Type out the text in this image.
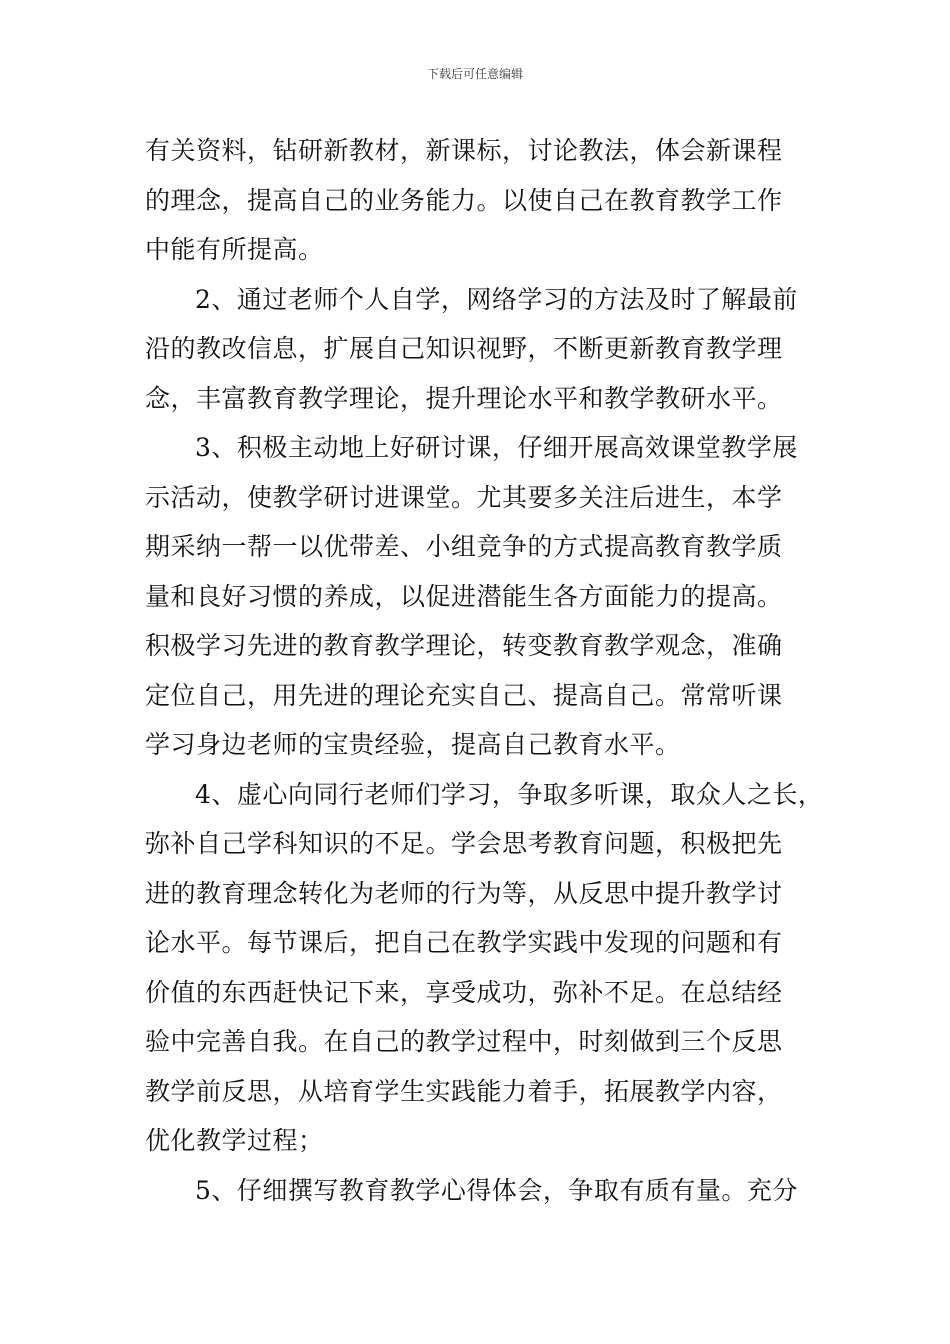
下载后可任意编辑
有关资料，钻研新教材，新课标，讨论教法，体会新课程
的理念，提高自己的业务能力。以使自己在教育教学工作
中能有所提高。
2、通过老师个人自学，网络学习的方法及时了解最前
沿的教改信息，扩展自己知识视野，不断更新教育教学理
念，丰富教育教学理论，提升理论水平和教学教研水平。
3、积极主动地上好研讨课，仔细开展高效课堂教学展
示活动，使教学研讨进课堂。尤其要多关注后进生，本学
期采纳一帮一以优带差、小组竞争的方式提高教育教学质
量和良好习惯的养成，以促进潜能生各方面能力的提高。
积极学习先进的教育教学理论，转变教育教学观念，准确
定位自己，用先进的理论充实自己、提高自己。常常听课
学习身边老师的宝贵经验，提高自己教育水平。
4、虚心向同行老师们学习，争取多听课，取众人之长，
弥补自己学科知识的不足。学会思考教育问题，积极把先
进的教育理念转化为老师的行为等，从反思中提升教学讨
论水平。每节课后，把自己在教学实践中发现的问题和有
价值的东西赶快记下来，享受成功，弥补不足。在总结经
验中完善自我。在自己的教学过程中，时刻做到三个反思
教学前反思，从培育学生实践能力着手，拓展教学内容，
优化教学过程；
5、仔细撰写教育教学心得体会，争取有质有量。充分
